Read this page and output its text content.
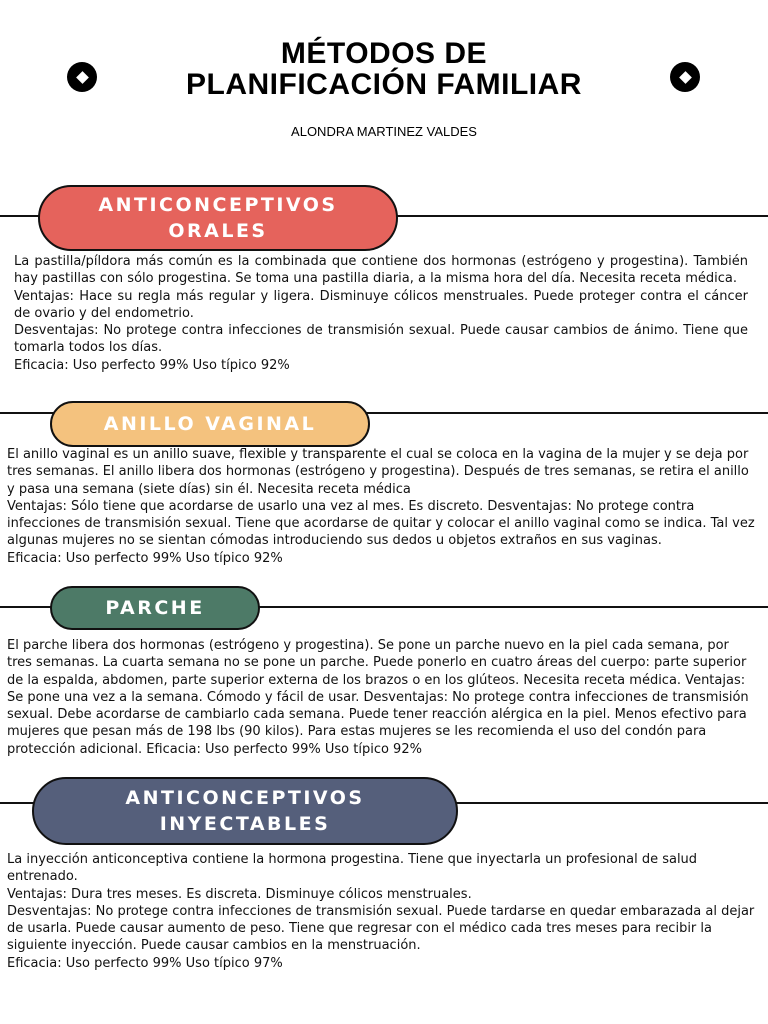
MÉTODOS DE
PLANIFICACIÓN FAMILIAR
ALONDRA MARTINEZ VALDES
ANTICONCEPTIVOS
ORALES

La pastilla/píldora más común es la combinada que contiene dos hormonas (estrógeno y progestina). También hay pastillas con sólo progestina. Se toma una pastilla diaria, a la misma hora del día. Necesita receta médica.

Ventajas: Hace su regla más regular y ligera. Disminuye cólicos menstruales. Puede proteger contra el cáncer de ovario y del endometrio.

Desventajas: No protege contra infecciones de transmisión sexual. Puede causar cambios de ánimo. Tiene que tomarla todos los días.

Eficacia: Uso perfecto 99% Uso típico 92%

ANILLO VAGINAL

El anillo vaginal es un anillo suave, flexible y transparente el cual se coloca en la vagina de la mujer y se deja por tres semanas. El anillo libera dos hormonas (estrógeno y progestina). Después de tres semanas, se retira el anillo y pasa una semana (siete días) sin él. Necesita receta médica

Ventajas: Sólo tiene que acordarse de usarlo una vez al mes. Es discreto. Desventajas: No protege contra infecciones de transmisión sexual. Tiene que acordarse de quitar y colocar el anillo vaginal como se indica. Tal vez algunas mujeres no se sientan cómodas introduciendo sus dedos u objetos extraños en sus vaginas.

Eficacia: Uso perfecto 99% Uso típico 92%

PARCHE

El parche libera dos hormonas (estrógeno y progestina). Se pone un parche nuevo en la piel cada semana, por tres semanas. La cuarta semana no se pone un parche. Puede ponerlo en cuatro áreas del cuerpo: parte superior de la espalda, abdomen, parte superior externa de los brazos o en los glúteos. Necesita receta médica. Ventajas: Se pone una vez a la semana. Cómodo y fácil de usar. Desventajas: No protege contra infecciones de transmisión sexual. Debe acordarse de cambiarlo cada semana. Puede tener reacción alérgica en la piel. Menos efectivo para mujeres que pesan más de 198 lbs (90 kilos). Para estas mujeres se les recomienda el uso del condón para protección adicional. Eficacia: Uso perfecto 99% Uso típico 92%

ANTICONCEPTIVOS
INYECTABLES

La inyección anticonceptiva contiene la hormona progestina. Tiene que inyectarla un profesional de salud entrenado.

Ventajas: Dura tres meses. Es discreta. Disminuye cólicos menstruales.

Desventajas: No protege contra infecciones de transmisión sexual. Puede tardarse en quedar embarazada al dejar de usarla. Puede causar aumento de peso. Tiene que regresar con el médico cada tres meses para recibir la siguiente inyección. Puede causar cambios en la menstruación.

Eficacia: Uso perfecto 99% Uso típico 97%
